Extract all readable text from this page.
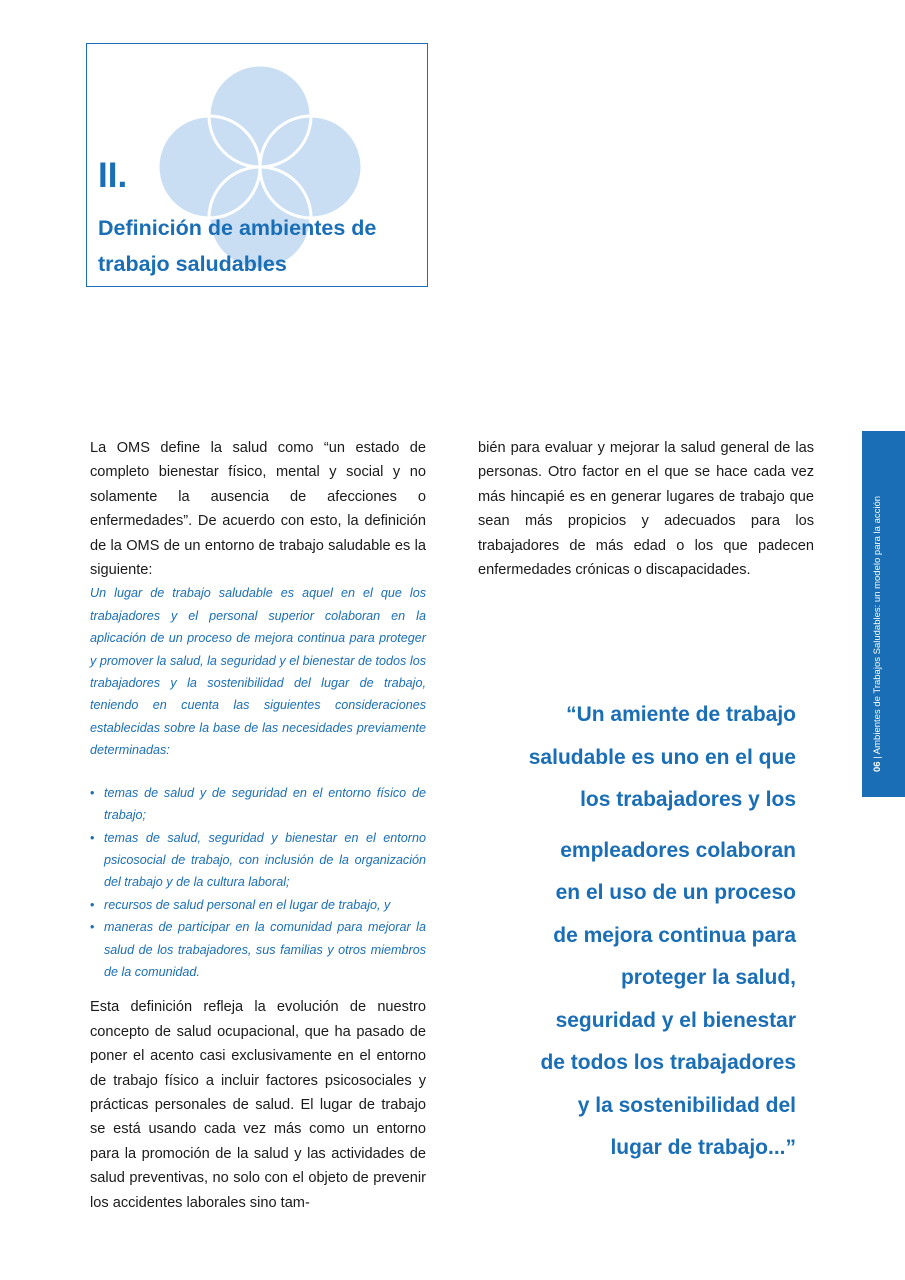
II.
Definición de ambientes de trabajo saludables

La OMS define la salud como “un estado de completo bienestar físico, mental y social y no solamente la ausencia de afecciones o enfermedades”. De acuerdo con esto, la definición de la OMS de un entorno de trabajo saludable es la siguiente:

Un lugar de trabajo saludable es aquel en el que los trabajadores y el personal superior colaboran en la aplicación de un proceso de mejora continua para proteger y promover la salud, la seguridad y el bienestar de todos los trabajadores y la sostenibilidad del lugar de trabajo, teniendo en cuenta las siguientes consideraciones establecidas sobre la base de las necesidades previamente determinadas:

• temas de salud y de seguridad en el entorno físico de trabajo;
• temas de salud, seguridad y bienestar en el entorno psicosocial de trabajo, con inclusión de la organización del trabajo y de la cultura laboral;
• recursos de salud personal en el lugar de trabajo, y
• maneras de participar en la comunidad para mejorar la salud de los trabajadores, sus familias y otros miembros de la comunidad.

Esta definición refleja la evolución de nuestro concepto de salud ocupacional, que ha pasado de poner el acento casi exclusivamente en el entorno de trabajo físico a incluir factores psicosociales y prácticas personales de salud. El lugar de trabajo se está usando cada vez más como un entorno para la promoción de la salud y las actividades de salud preventivas, no solo con el objeto de prevenir los accidentes laborales sino tam-

bién para evaluar y mejorar la salud general de las personas. Otro factor en el que se hace cada vez más hincapié es en generar lugares de trabajo que sean más propicios y adecuados para los trabajadores de más edad o los que padecen enfermedades crónicas o discapacidades.

“Un amiente de trabajo
saludable es uno en el que
los trabajadores y los
empleadores colaboran
en el uso de un proceso
de mejora continua para
proteger la salud,
seguridad y el bienestar
de todos los trabajadores
y la sostenibilidad del
lugar de trabajo...”
06 | Ambientes de Trabajos Saludables: un modelo para la acción
